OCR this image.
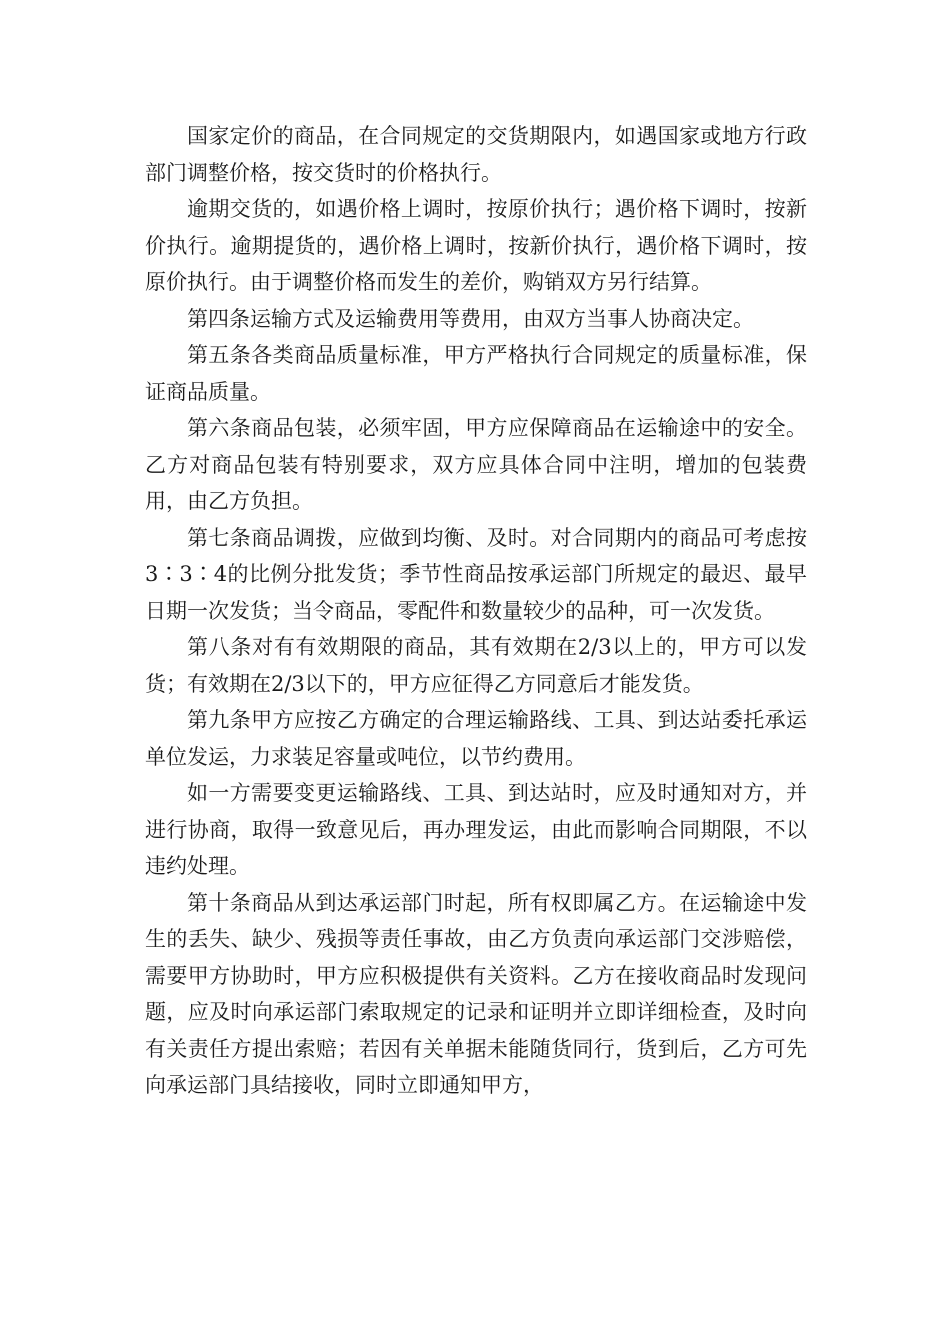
国家定价的商品，在合同规定的交货期限内，如遇国家或地方行政部门调整价格，按交货时的价格执行。

逾期交货的，如遇价格上调时，按原价执行；遇价格下调时，按新价执行。逾期提货的，遇价格上调时，按新价执行，遇价格下调时，按原价执行。由于调整价格而发生的差价，购销双方另行结算。

第四条运输方式及运输费用等费用，由双方当事人协商决定。

第五条各类商品质量标准，甲方严格执行合同规定的质量标准，保证商品质量。

第六条商品包装，必须牢固，甲方应保障商品在运输途中的安全。乙方对商品包装有特别要求，双方应具体合同中注明，增加的包装费用，由乙方负担。

第七条商品调拨，应做到均衡、及时。对合同期内的商品可考虑按3∶3∶4的比例分批发货；季节性商品按承运部门所规定的最迟、最早日期一次发货；当令商品，零配件和数量较少的品种，可一次发货。

第八条对有有效期限的商品，其有效期在2/3以上的，甲方可以发货；有效期在2/3以下的，甲方应征得乙方同意后才能发货。

第九条甲方应按乙方确定的合理运输路线、工具、到达站委托承运单位发运，力求装足容量或吨位，以节约费用。

如一方需要变更运输路线、工具、到达站时，应及时通知对方，并进行协商，取得一致意见后，再办理发运，由此而影响合同期限，不以违约处理。

第十条商品从到达承运部门时起，所有权即属乙方。在运输途中发生的丢失、缺少、残损等责任事故，由乙方负责向承运部门交涉赔偿，需要甲方协助时，甲方应积极提供有关资料。乙方在接收商品时发现问题，应及时向承运部门索取规定的记录和证明并立即详细检查，及时向有关责任方提出索赔；若因有关单据未能随货同行，货到后，乙方可先向承运部门具结接收，同时立即通知甲方，
